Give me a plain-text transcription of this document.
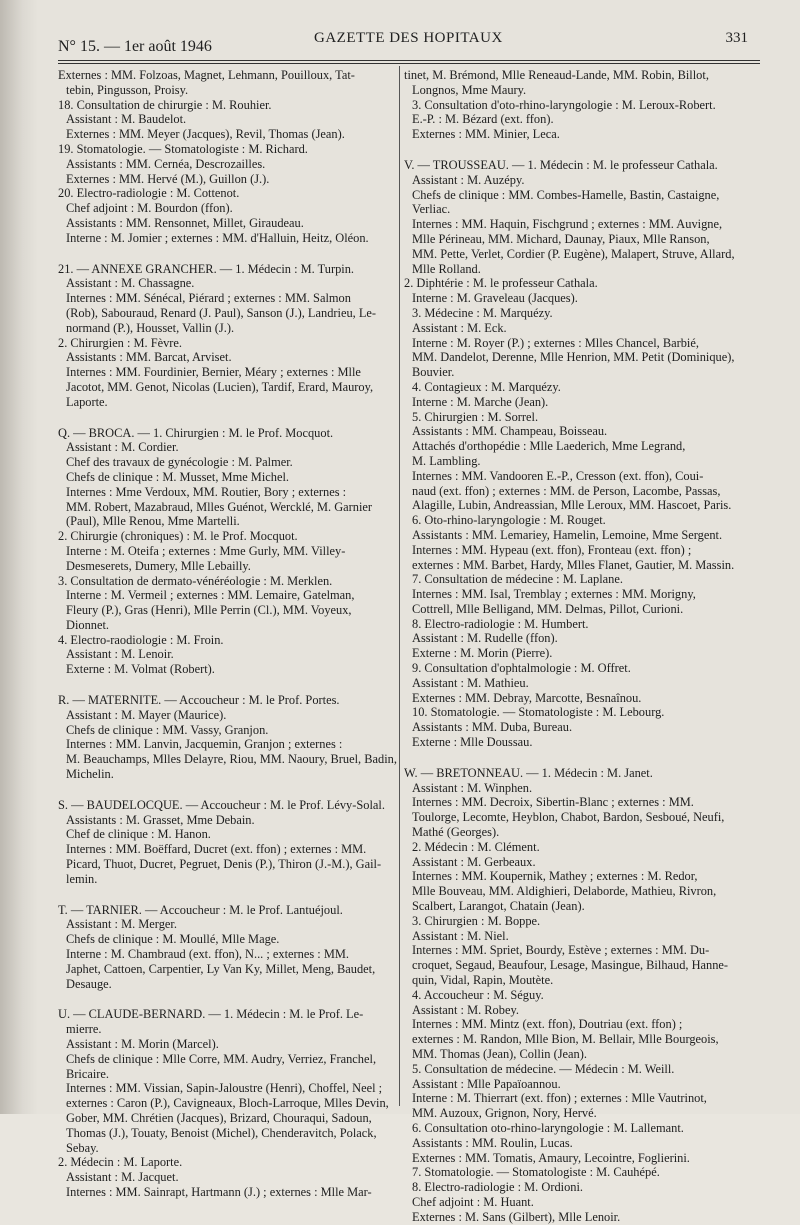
N° 15. — 1er août 1946	GAZETTE DES HOPITAUX	331

Externes : MM. Folzoas, Magnet, Lehmann, Pouilloux, Tat-

tebin, Pingusson, Proisy.

18. Consultation de chirurgie : M. Rouhier.

Assistant : M. Baudelot.

Externes : MM. Meyer (Jacques), Revil, Thomas (Jean).

19. Stomatologie. — Stomatologiste : M. Richard.

Assistants : MM. Cernéa, Descrozailles.

Externes : MM. Hervé (M.), Guillon (J.).

20. Electro-radiologie : M. Cottenot.

Chef adjoint : M. Bourdon (ffon).

Assistants : MM. Rensonnet, Millet, Giraudeau.

Interne : M. Jomier ; externes : MM. d'Halluin, Heitz, Oléon.

21. — ANNEXE GRANCHER. — 1. Médecin : M. Turpin.

Assistant : M. Chassagne.

Internes : MM. Sénécal, Piérard ; externes : MM. Salmon

(Rob), Sabouraud, Renard (J. Paul), Sanson (J.), Landrieu, Le-

normand (P.), Housset, Vallin (J.).

2. Chirurgien : M. Fèvre.

Assistants : MM. Barcat, Arviset.

Internes : MM. Fourdinier, Bernier, Méary ; externes : Mlle

Jacotot, MM. Genot, Nicolas (Lucien), Tardif, Erard, Mauroy,

Laporte.

Q. — BROCA. — 1. Chirurgien : M. le Prof. Mocquot.

Assistant : M. Cordier.

Chef des travaux de gynécologie : M. Palmer.

Chefs de clinique : M. Musset, Mme Michel.

Internes : Mme Verdoux, MM. Routier, Bory ; externes :

MM. Robert, Mazabraud, Mlles Guénot, Wercklé, M. Garnier

(Paul), Mlle Renou, Mme Martelli.

2. Chirurgie (chroniques) : M. le Prof. Mocquot.

Interne : M. Oteifa ; externes : Mme Gurly, MM. Villey-

Desmeserets, Dumery, Mlle Lebailly.

3. Consultation de dermato-vénéréologie : M. Merklen.

Interne : M. Vermeil ; externes : MM. Lemaire, Gatelman,

Fleury (P.), Gras (Henri), Mlle Perrin (Cl.), MM. Voyeux,

Dionnet.

4. Electro-raodiologie : M. Froin.

Assistant : M. Lenoir.

Externe : M. Volmat (Robert).

R. — MATERNITE. — Accoucheur : M. le Prof. Portes.

Assistant : M. Mayer (Maurice).

Chefs de clinique : MM. Vassy, Granjon.

Internes : MM. Lanvin, Jacquemin, Granjon ; externes :

M. Beauchamps, Mlles Delayre, Riou, MM. Naoury, Bruel, Badin,

Michelin.

S. — BAUDELOCQUE. — Accoucheur : M. le Prof. Lévy-Solal.

Assistants : M. Grasset, Mme Debain.

Chef de clinique : M. Hanon.

Internes : MM. Boëffard, Ducret (ext. ffon) ; externes : MM.

Picard, Thuot, Ducret, Pegruet, Denis (P.), Thiron (J.-M.), Gail-

lemin.

T. — TARNIER. — Accoucheur : M. le Prof. Lantuéjoul.

Assistant : M. Merger.

Chefs de clinique : M. Moullé, Mlle Mage.

Interne : M. Chambraud (ext. ffon), N... ; externes : MM.

Japhet, Cattoen, Carpentier, Ly Van Ky, Millet, Meng, Baudet,

Desauge.

U. — CLAUDE-BERNARD. — 1. Médecin : M. le Prof. Le-

mierre.

Assistant : M. Morin (Marcel).

Chefs de clinique : Mlle Corre, MM. Audry, Verriez, Franchel,

Bricaire.

Internes : MM. Vissian, Sapin-Jaloustre (Henri), Choffel, Neel ;

externes : Caron (P.), Cavigneaux, Bloch-Larroque, Mlles Devin,

Gober, MM. Chrétien (Jacques), Brizard, Chouraqui, Sadoun,

Thomas (J.), Touaty, Benoist (Michel), Chenderavitch, Polack,

Sebay.

2. Médecin : M. Laporte.

Assistant : M. Jacquet.

Internes : MM. Sainrapt, Hartmann (J.) ; externes : Mlle Mar-

tinet, M. Brémond, Mlle Reneaud-Lande, MM. Robin, Billot,

Longnos, Mme Maury.

3. Consultation d'oto-rhino-laryngologie : M. Leroux-Robert.

E.-P. : M. Bézard (ext. ffon).

Externes : MM. Minier, Leca.

V. — TROUSSEAU. — 1. Médecin : M. le professeur Cathala.

Assistant : M. Auzépy.

Chefs de clinique : MM. Combes-Hamelle, Bastin, Castaigne,

Verliac.

Internes : MM. Haquin, Fischgrund ; externes : MM. Auvigne,

Mlle Périneau, MM. Michard, Daunay, Piaux, Mlle Ranson,

MM. Pette, Verlet, Cordier (P. Eugène), Malapert, Struve, Allard,

Mlle Rolland.

2. Diphtérie : M. le professeur Cathala.

Interne : M. Graveleau (Jacques).

3. Médecine : M. Marquézy.

Assistant : M. Eck.

Interne : M. Royer (P.) ; externes : Mlles Chancel, Barbié,

MM. Dandelot, Derenne, Mlle Henrion, MM. Petit (Dominique),

Bouvier.

4. Contagieux : M. Marquézy.

Interne : M. Marche (Jean).

5. Chirurgien : M. Sorrel.

Assistants : MM. Champeau, Boisseau.

Attachés d'orthopédie : Mlle Laederich, Mme Legrand,

M. Lambling.

Internes : MM. Vandooren E.-P., Cresson (ext. ffon), Coui-

naud (ext. ffon) ; externes : MM. de Person, Lacombe, Passas,

Alagille, Lubin, Andreassian, Mlle Leroux, MM. Hascoet, Paris.

6. Oto-rhino-laryngologie : M. Rouget.

Assistants : MM. Lemariey, Hamelin, Lemoine, Mme Sergent.

Internes : MM. Hypeau (ext. ffon), Fronteau (ext. ffon) ;

externes : MM. Barbet, Hardy, Mlles Flanet, Gautier, M. Massin.

7. Consultation de médecine : M. Laplane.

Internes : MM. Isal, Tremblay ; externes : MM. Morigny,

Cottrell, Mlle Belligand, MM. Delmas, Pillot, Curioni.

8. Electro-radiologie : M. Humbert.

Assistant : M. Rudelle (ffon).

Externe : M. Morin (Pierre).

9. Consultation d'ophtalmologie : M. Offret.

Assistant : M. Mathieu.

Externes : MM. Debray, Marcotte, Besnaînou.

10. Stomatologie. — Stomatologiste : M. Lebourg.

Assistants : MM. Duba, Bureau.

Externe : Mlle Doussau.

W. — BRETONNEAU. — 1. Médecin : M. Janet.

Assistant : M. Winphen.

Internes : MM. Decroix, Sibertin-Blanc ; externes : MM.

Toulorge, Lecomte, Heyblon, Chabot, Bardon, Sesboué, Neufi,

Mathé (Georges).

2. Médecin : M. Clément.

Assistant : M. Gerbeaux.

Internes : MM. Koupernik, Mathey ; externes : M. Redor,

Mlle Bouveau, MM. Aldighieri, Delaborde, Mathieu, Rivron,

Scalbert, Larangot, Chatain (Jean).

3. Chirurgien : M. Boppe.

Assistant : M. Niel.

Internes : MM. Spriet, Bourdy, Estève ; externes : MM. Du-

croquet, Segaud, Beaufour, Lesage, Masingue, Bilhaud, Hanne-

quin, Vidal, Rapin, Moutète.

4. Accoucheur : M. Séguy.

Assistant : M. Robey.

Internes : MM. Mintz (ext. ffon), Doutriau (ext. ffon) ;

externes : M. Randon, Mlle Bion, M. Bellair, Mlle Bourgeois,

MM. Thomas (Jean), Collin (Jean).

5. Consultation de médecine. — Médecin : M. Weill.

Assistant : Mlle Papaïoannou.

Interne : M. Thierrart (ext. ffon) ; externes : Mlle Vautrinot,

MM. Auzoux, Grignon, Nory, Hervé.

6. Consultation oto-rhino-laryngologie : M. Lallemant.

Assistants : MM. Roulin, Lucas.

Externes : MM. Tomatis, Amaury, Lecointre, Foglierini.

7. Stomatologie. — Stomatologiste : M. Cauhépé.

8. Electro-radiologie : M. Ordioni.

Chef adjoint : M. Huant.

Externes : M. Sans (Gilbert), Mlle Lenoir.
